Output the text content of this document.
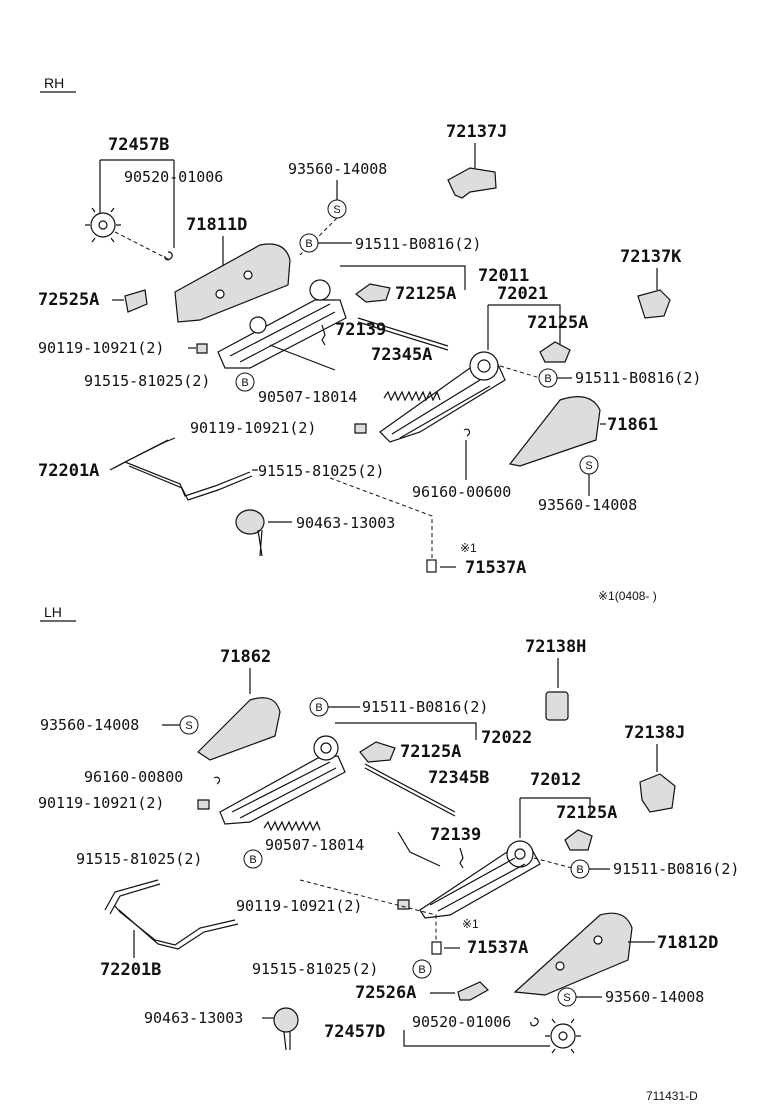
RH
72457B
90520-01006	93560-14008
S
72137J
71811D
B	91511-B0816(2)
72137K
72011
72125A
72525A	72021
72125A
72139
72345A
90119-10921(2)
91515-81025(2)	B	B 91511-B0816(2)
90507-18014
71861
90119-10921(2)
72201A	91515-81025(2)
96160-00600
S
93560-14008
90463-13003
※1
71537A
※1(0408- )
LH
71862	72138H
B	91511-B0816(2)
93560-14008	S
72022
72125A
72138J
96160-00800	72345B 72012
90119-10921(2)	72125A
90507-18014	72139
91515-81025(2)	B
B 91511-B0816(2)
72201B
90119-10921(2)
※1
71537A	71812D
91515-81025(2)	B
72526A	S 93560-14008
90463-13003
72457D 90520-01006
711431-D
